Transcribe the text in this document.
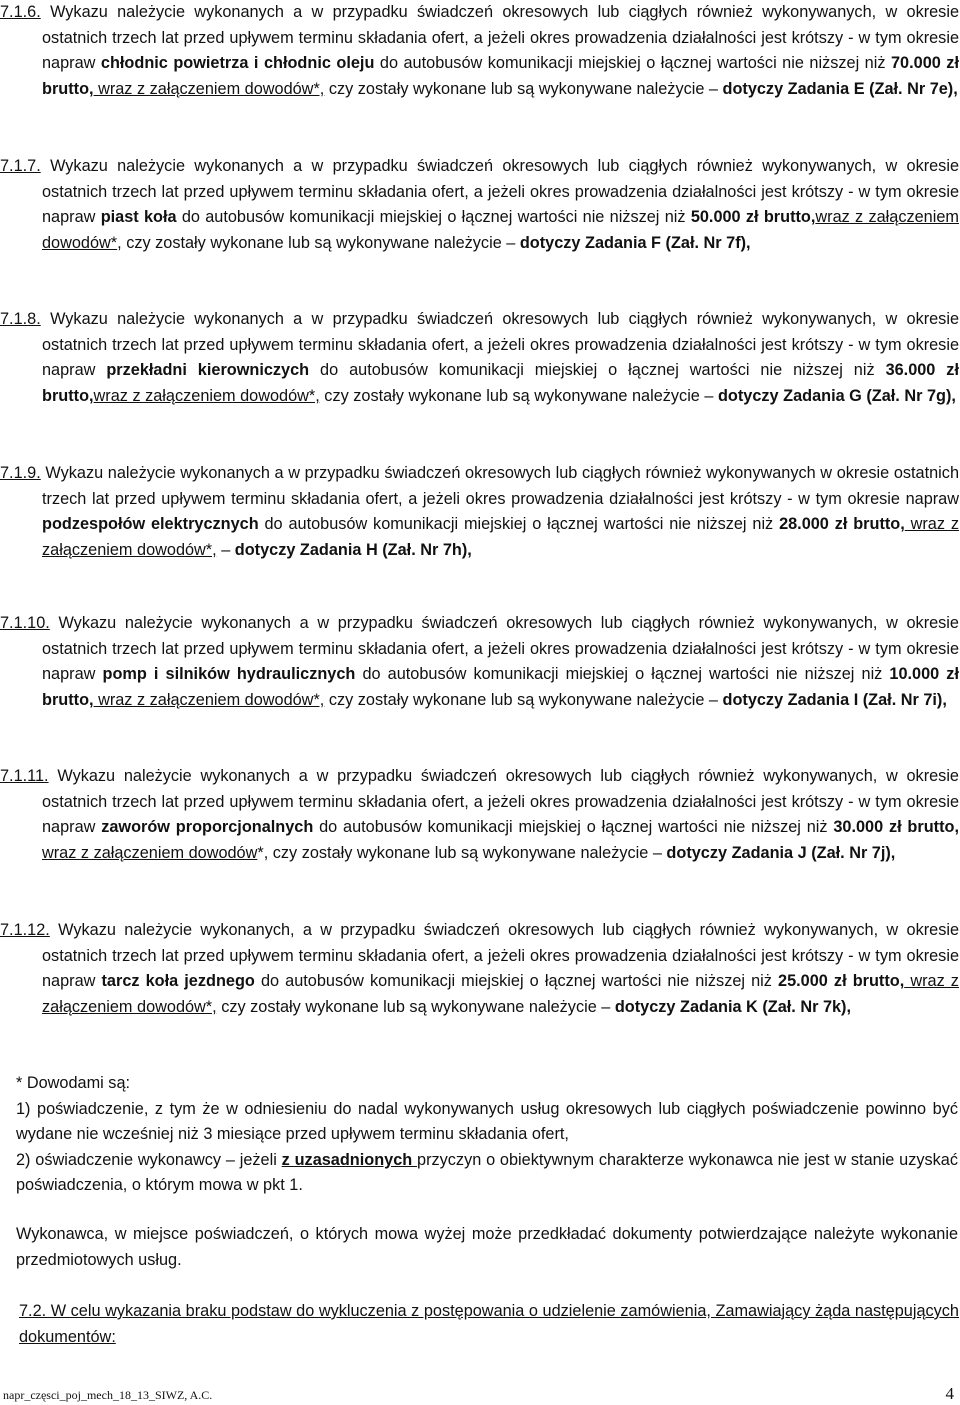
7.1.6. Wykazu należycie wykonanych a w przypadku świadczeń okresowych lub ciągłych również wykonywanych, w okresie ostatnich trzech lat przed upływem terminu składania ofert, a jeżeli okres prowadzenia działalności jest krótszy - w tym okresie napraw chłodnic powietrza i chłodnic oleju do autobusów komunikacji miejskiej o łącznej wartości nie niższej niż 70.000 zł brutto, wraz z załączeniem dowodów*, czy zostały wykonane lub są wykonywane należycie – dotyczy Zadania E (Zał. Nr 7e),
7.1.7. Wykazu należycie wykonanych a w przypadku świadczeń okresowych lub ciągłych również wykonywanych, w okresie ostatnich trzech lat przed upływem terminu składania ofert, a jeżeli okres prowadzenia działalności jest krótszy - w tym okresie napraw piast koła do autobusów komunikacji miejskiej o łącznej wartości nie niższej niż 50.000 zł brutto,wraz z załączeniem dowodów*, czy zostały wykonane lub są wykonywane należycie – dotyczy Zadania F (Zał. Nr 7f),
7.1.8. Wykazu należycie wykonanych a w przypadku świadczeń okresowych lub ciągłych również wykonywanych, w okresie ostatnich trzech lat przed upływem terminu składania ofert, a jeżeli okres prowadzenia działalności jest krótszy - w tym okresie napraw przekładni kierowniczych do autobusów komunikacji miejskiej o łącznej wartości nie niższej niż 36.000 zł brutto,wraz z załączeniem dowodów*, czy zostały wykonane lub są wykonywane należycie – dotyczy Zadania G (Zał. Nr 7g),
7.1.9. Wykazu należycie wykonanych a w przypadku świadczeń okresowych lub ciągłych również wykonywanych w okresie ostatnich trzech lat przed upływem terminu składania ofert, a jeżeli okres prowadzenia działalności jest krótszy - w tym okresie napraw podzespołów elektrycznych do autobusów komunikacji miejskiej o łącznej wartości nie niższej niż 28.000 zł brutto, wraz z załączeniem dowodów*, – dotyczy Zadania H (Zał. Nr 7h),
7.1.10. Wykazu należycie wykonanych a w przypadku świadczeń okresowych lub ciągłych również wykonywanych, w okresie ostatnich trzech lat przed upływem terminu składania ofert, a jeżeli okres prowadzenia działalności jest krótszy - w tym okresie napraw pomp i silników hydraulicznych do autobusów komunikacji miejskiej o łącznej wartości nie niższej niż 10.000 zł brutto, wraz z załączeniem dowodów*, czy zostały wykonane lub są wykonywane należycie – dotyczy Zadania I (Zał. Nr 7i),
7.1.11. Wykazu należycie wykonanych a w przypadku świadczeń okresowych lub ciągłych również wykonywanych, w okresie ostatnich trzech lat przed upływem terminu składania ofert, a jeżeli okres prowadzenia działalności jest krótszy - w tym okresie napraw zaworów proporcjonalnych do autobusów komunikacji miejskiej o łącznej wartości nie niższej niż 30.000 zł brutto, wraz z załączeniem dowodów*, czy zostały wykonane lub są wykonywane należycie – dotyczy Zadania J (Zał. Nr 7j),
7.1.12. Wykazu należycie wykonanych, a w przypadku świadczeń okresowych lub ciągłych również wykonywanych, w okresie ostatnich trzech lat przed upływem terminu składania ofert, a jeżeli okres prowadzenia działalności jest krótszy - w tym okresie napraw tarcz koła jezdnego do autobusów komunikacji miejskiej o łącznej wartości nie niższej niż 25.000 zł brutto, wraz z załączeniem dowodów*, czy zostały wykonane lub są wykonywane należycie – dotyczy Zadania K (Zał. Nr 7k),
* Dowodami są:
1) poświadczenie, z tym że w odniesieniu do nadal wykonywanych usług okresowych lub ciągłych poświadczenie powinno być wydane nie wcześniej niż 3 miesiące przed upływem terminu składania ofert,
2) oświadczenie wykonawcy – jeżeli z uzasadnionych przyczyn o obiektywnym charakterze wykonawca nie jest w stanie uzyskać poświadczenia, o którym mowa w pkt 1.
Wykonawca, w miejsce poświadczeń, o których mowa wyżej może przedkładać dokumenty potwierdzające należyte wykonanie przedmiotowych usług.
7.2. W celu wykazania braku podstaw do wykluczenia z postępowania o udzielenie zamówienia, Zamawiający żąda następujących dokumentów:
napr_częsci_poj_mech_18_13_SIWZ, A.C.	4
